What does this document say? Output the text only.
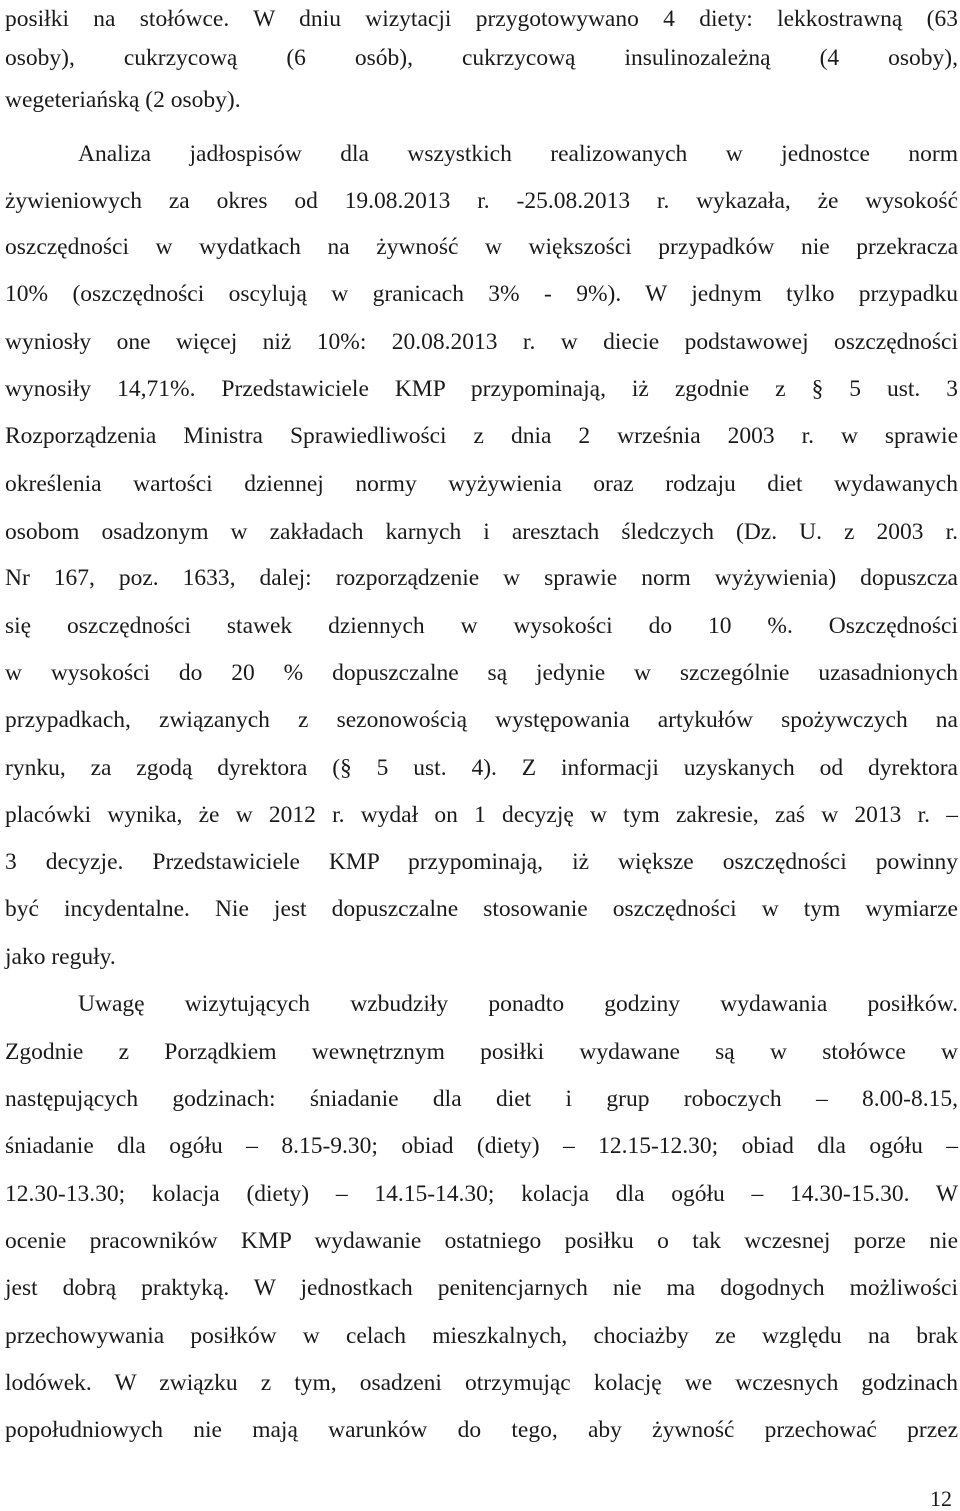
posiłki na stołówce. W dniu wizytacji przygotowywano 4 diety: lekkostrawną (63
osoby), cukrzycową (6 osób), cukrzycową insulinozależną (4 osoby),
wegeteriańską (2 osoby).
Analiza jadłospisów dla wszystkich realizowanych w jednostce norm
żywieniowych za okres od 19.08.2013 r. -25.08.2013 r. wykazała, że wysokość
oszczędności w wydatkach na żywność w większości przypadków nie przekracza
10% (oszczędności oscylują w granicach 3% - 9%). W jednym tylko przypadku
wyniosły one więcej niż 10%: 20.08.2013 r. w diecie podstawowej oszczędności
wynosiły 14,71%. Przedstawiciele KMP przypominają, iż zgodnie z § 5 ust. 3
Rozporządzenia Ministra Sprawiedliwości z dnia 2 września 2003 r. w sprawie
określenia wartości dziennej normy wyżywienia oraz rodzaju diet wydawanych
osobom osadzonym w zakładach karnych i aresztach śledczych (Dz. U. z 2003 r.
Nr 167, poz. 1633, dalej: rozporządzenie w sprawie norm wyżywienia) dopuszcza
się oszczędności stawek dziennych w wysokości do 10 %. Oszczędności
w wysokości do 20 % dopuszczalne są jedynie w szczególnie uzasadnionych
przypadkach, związanych z sezonowością występowania artykułów spożywczych na
rynku, za zgodą dyrektora (§ 5 ust. 4). Z informacji uzyskanych od dyrektora
placówki wynika, że w 2012 r. wydał on 1 decyzję w tym zakresie, zaś w 2013 r. –
3 decyzje. Przedstawiciele KMP przypominają, iż większe oszczędności powinny
być incydentalne. Nie jest dopuszczalne stosowanie oszczędności w tym wymiarze
jako reguły.
Uwagę wizytujących wzbudziły ponadto godziny wydawania posiłków.
Zgodnie z Porządkiem wewnętrznym posiłki wydawane są w stołówce w
następujących godzinach: śniadanie dla diet i grup roboczych – 8.00-8.15,
śniadanie dla ogółu – 8.15-9.30; obiad (diety) – 12.15-12.30; obiad dla ogółu –
12.30-13.30; kolacja (diety) – 14.15-14.30; kolacja dla ogółu – 14.30-15.30. W
ocenie pracowników KMP wydawanie ostatniego posiłku o tak wczesnej porze nie
jest dobrą praktyką. W jednostkach penitencjarnych nie ma dogodnych możliwości
przechowywania posiłków w celach mieszkalnych, chociażby ze względu na brak
lodówek. W związku z tym, osadzeni otrzymując kolację we wczesnych godzinach
popołudniowych nie mają warunków do tego, aby żywność przechować przez
12
